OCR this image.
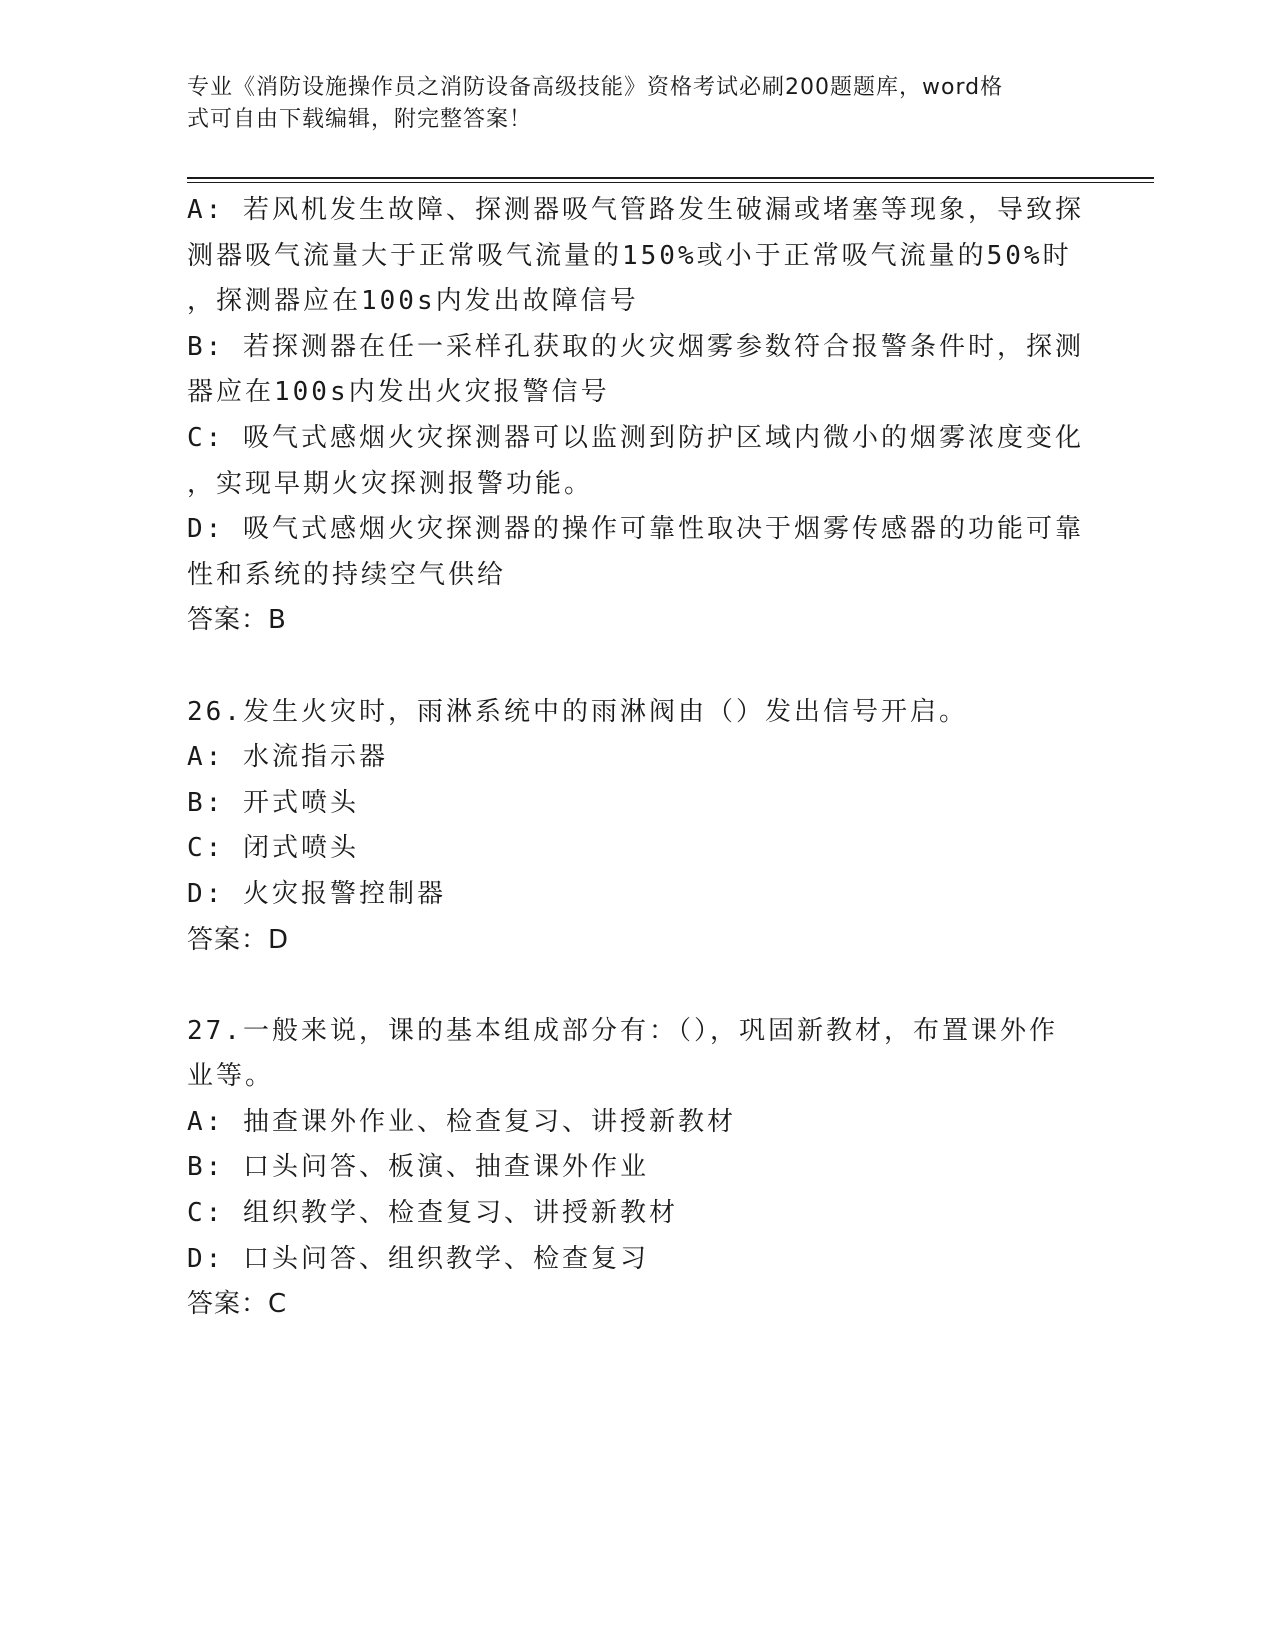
专业《消防设施操作员之消防设备高级技能》资格考试必刷200题题库，word格
式可自由下载编辑，附完整答案！
A: 若风机发生故障、探测器吸气管路发生破漏或堵塞等现象，导致探
测器吸气流量大于正常吸气流量的150%或小于正常吸气流量的50%时
，探测器应在100s内发出故障信号
B: 若探测器在任一采样孔获取的火灾烟雾参数符合报警条件时，探测
器应在100s内发出火灾报警信号
C: 吸气式感烟火灾探测器可以监测到防护区域内微小的烟雾浓度变化
，实现早期火灾探测报警功能。
D: 吸气式感烟火灾探测器的操作可靠性取决于烟雾传感器的功能可靠
性和系统的持续空气供给
答案：B
26.发生火灾时，雨淋系统中的雨淋阀由（）发出信号开启。
A: 水流指示器
B: 开式喷头
C: 闭式喷头
D: 火灾报警控制器
答案：D
27.一般来说，课的基本组成部分有：（），巩固新教材，布置课外作
业等。
A: 抽查课外作业、检查复习、讲授新教材
B: 口头问答、板演、抽查课外作业
C: 组织教学、检查复习、讲授新教材
D: 口头问答、组织教学、检查复习
答案：C
